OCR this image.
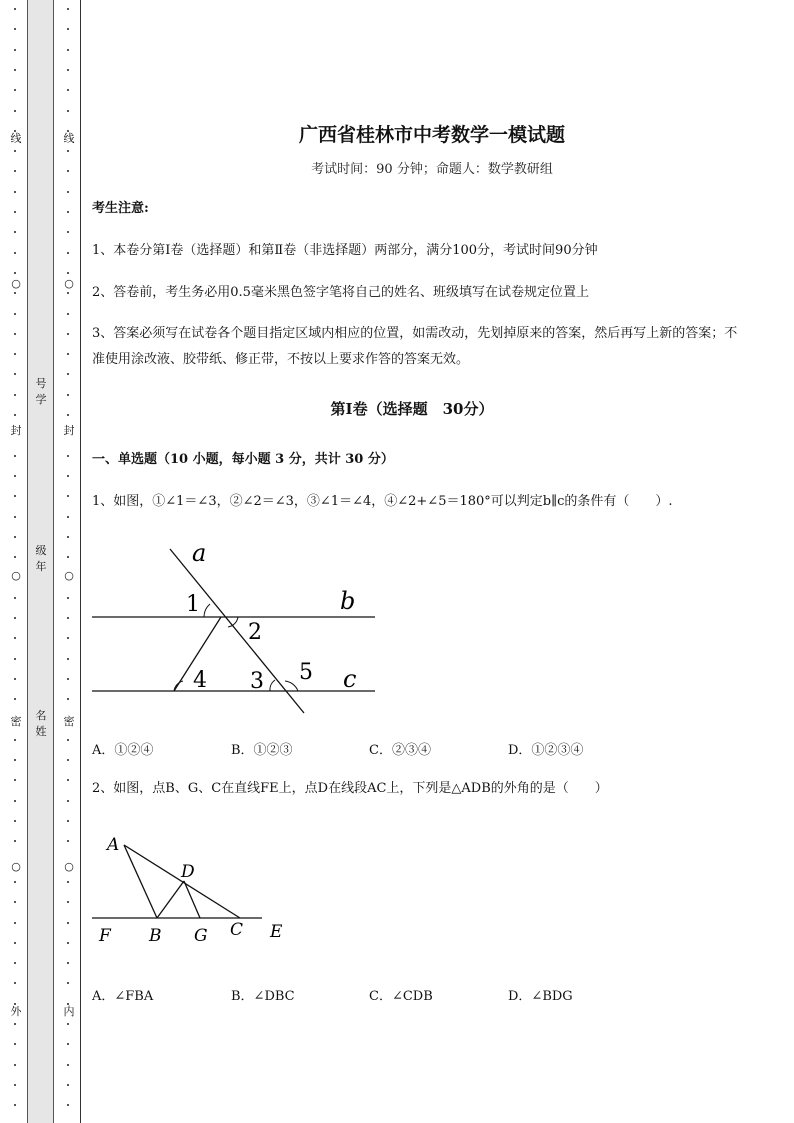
线
○
封
○
密
○
外
线
○
封
○
密
○
内
号学
级年
名姓
广西省桂林市中考数学一模试题
考试时间：90 分钟；命题人：数学教研组
考生注意:
1、本卷分第Ⅰ卷（选择题）和第Ⅱ卷（非选择题）两部分，满分100分，考试时间90分钟
2、答卷前，考生务必用0.5毫米黑色签字笔将自己的姓名、班级填写在试卷规定位置上
3、答案必须写在试卷各个题目指定区域内相应的位置，如需改动，先划掉原来的答案，然后再写上新的答案；不准使用涂改液、胶带纸、修正带，不按以上要求作答的答案无效。
第Ⅰ卷（选择题　30分）
一、单选题（10 小题，每小题 3 分，共计 30 分）
1、如图，①∠1＝∠3，②∠2＝∠3，③∠1＝∠4，④∠2+∠5＝180°可以判定b∥c的条件有（　　）.
a
b
c
1
2
3
4	5
A．①②④	B．①②③	C．②③④	D．①②③④
2、如图，点B、G、C在直线FE上，点D在线段AC上，下列是△ADB的外角的是（　　）
A
D
F B G C E
A．∠FBA	B．∠DBC	C．∠CDB	D．∠BDG
